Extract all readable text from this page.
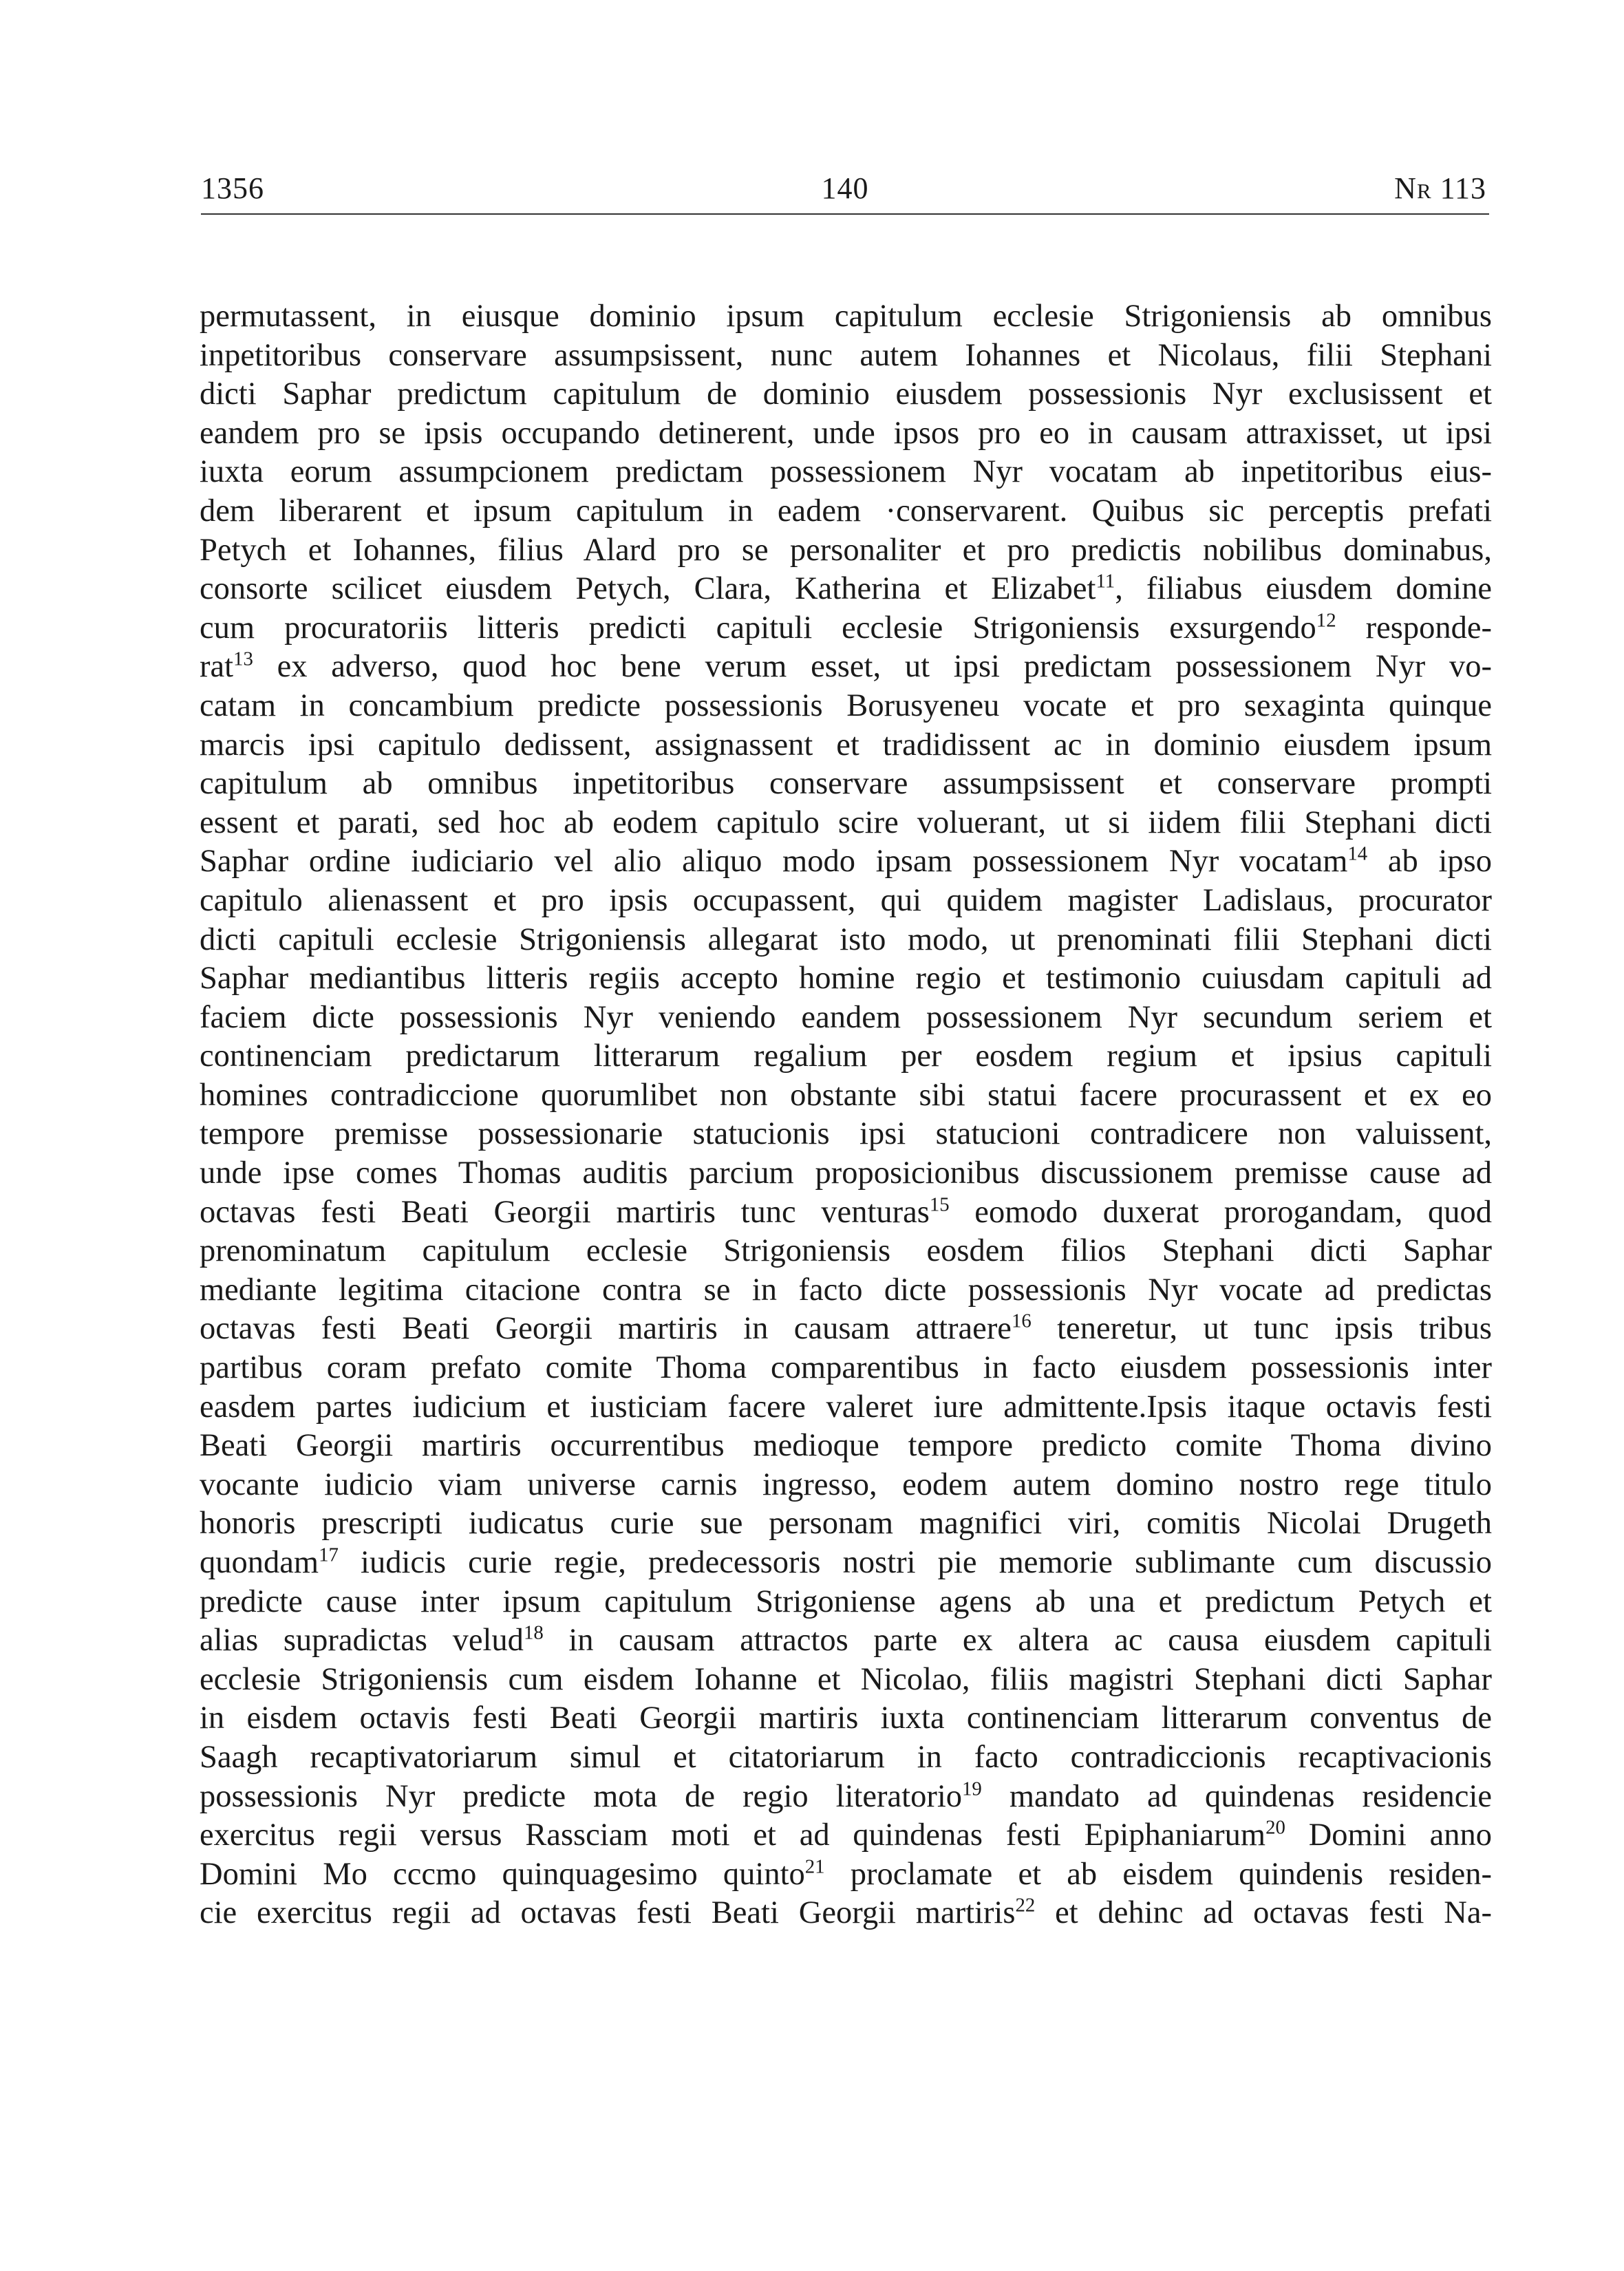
1356	140	Nr 113
permutassent, in eiusque dominio ipsum capitulum ecclesie Strigoniensis ab omnibus
inpetitoribus conservare assumpsissent, nunc autem Iohannes et Nicolaus, filii Stephani
dicti Saphar predictum capitulum de dominio eiusdem possessionis Nyr exclusissent et
eandem pro se ipsis occupando detinerent, unde ipsos pro eo in causam attraxisset, ut ipsi
iuxta eorum assumpcionem predictam possessionem Nyr vocatam ab inpetitoribus eius-
dem liberarent et ipsum capitulum in eadem ·conservarent. Quibus sic perceptis prefati
Petych et Iohannes, filius Alard pro se personaliter et pro predictis nobilibus dominabus,
consorte scilicet eiusdem Petych, Clara, Katherina et Elizabet$^{11}$, filiabus eiusdem domine
cum procuratoriis litteris predicti capituli ecclesie Strigoniensis exsurgendo$^{12}$ responde-
rat$^{13}$ ex adverso, quod hoc bene verum esset, ut ipsi predictam possessionem Nyr vo-
catam in concambium predicte possessionis Borusyeneu vocate et pro sexaginta quinque
marcis ipsi capitulo dedissent, assignassent et tradidissent ac in dominio eiusdem ipsum
capitulum ab omnibus inpetitoribus conservare assumpsissent et conservare prompti
essent et parati, sed hoc ab eodem capitulo scire voluerant, ut si iidem filii Stephani dicti
Saphar ordine iudiciario vel alio aliquo modo ipsam possessionem Nyr vocatam$^{14}$ ab ipso
capitulo alienassent et pro ipsis occupassent, qui quidem magister Ladislaus, procurator
dicti capituli ecclesie Strigoniensis allegarat isto modo, ut prenominati filii Stephani dicti
Saphar mediantibus litteris regiis accepto homine regio et testimonio cuiusdam capituli ad
faciem dicte possessionis Nyr veniendo eandem possessionem Nyr secundum seriem et
continenciam predictarum litterarum regalium per eosdem regium et ipsius capituli
homines contradiccione quorumlibet non obstante sibi statui facere procurassent et ex eo
tempore premisse possessionarie statucionis ipsi statucioni contradicere non valuissent,
unde ipse comes Thomas auditis parcium proposicionibus discussionem premisse cause ad
octavas festi Beati Georgii martiris tunc venturas$^{15}$ eomodo duxerat prorogandam, quod
prenominatum capitulum ecclesie Strigoniensis eosdem filios Stephani dicti Saphar
mediante legitima citacione contra se in facto dicte possessionis Nyr vocate ad predictas
octavas festi Beati Georgii martiris in causam attraere$^{16}$ teneretur, ut tunc ipsis tribus
partibus coram prefato comite Thoma comparentibus in facto eiusdem possessionis inter
easdem partes iudicium et iusticiam facere valeret iure admittente.Ipsis itaque octavis festi
Beati Georgii martiris occurrentibus medioque tempore predicto comite Thoma divino
vocante iudicio viam universe carnis ingresso, eodem autem domino nostro rege titulo
honoris prescripti iudicatus curie sue personam magnifici viri, comitis Nicolai Drugeth
quondam$^{17}$ iudicis curie regie, predecessoris nostri pie memorie sublimante cum discussio
predicte cause inter ipsum capitulum Strigoniense agens ab una et predictum Petych et
alias supradictas velud$^{18}$ in causam attractos parte ex altera ac causa eiusdem capituli
ecclesie Strigoniensis cum eisdem Iohanne et Nicolao, filiis magistri Stephani dicti Saphar
in eisdem octavis festi Beati Georgii martiris iuxta continenciam litterarum conventus de
Saagh recaptivatoriarum simul et citatoriarum in facto contradiccionis recaptivacionis
possessionis Nyr predicte mota de regio literatorio$^{19}$ mandato ad quindenas residencie
exercitus regii versus Rassciam moti et ad quindenas festi Epiphaniarum$^{20}$ Domini anno
Domini Mo cccmo quinquagesimo quinto$^{21}$ proclamate et ab eisdem quindenis residen-
cie exercitus regii ad octavas festi Beati Georgii martiris$^{22}$ et dehinc ad octavas festi Na-
